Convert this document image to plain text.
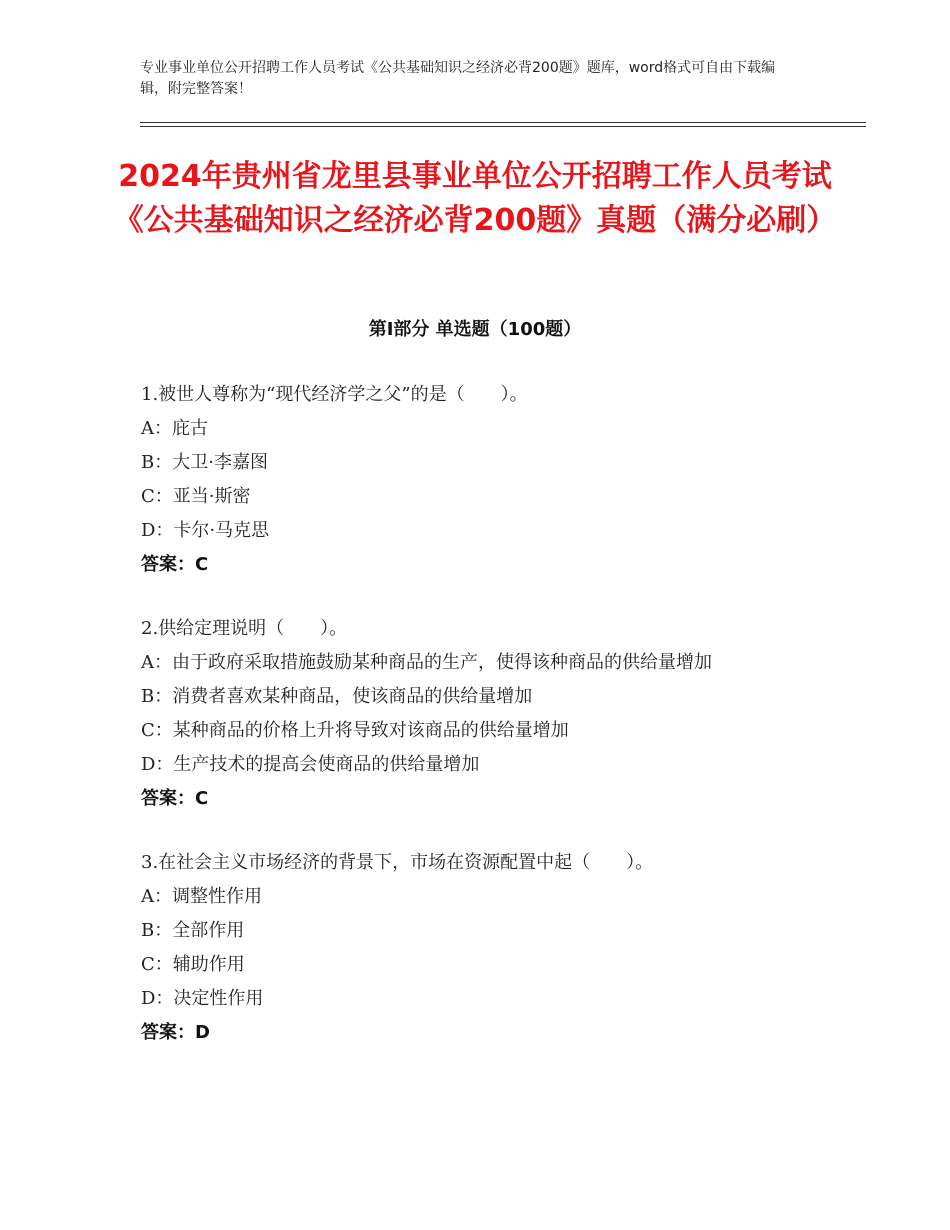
专业事业单位公开招聘工作人员考试《公共基础知识之经济必背200题》题库，word格式可自由下载编辑，附完整答案！
2024年贵州省龙里县事业单位公开招聘工作人员考试《公共基础知识之经济必背200题》真题（满分必刷）
第Ⅰ部分 单选题（100题）
1.被世人尊称为“现代经济学之父”的是（　　）。
A：庇古
B：大卫·李嘉图
C：亚当·斯密
D：卡尔·马克思
答案：C
2.供给定理说明（　　）。
A：由于政府采取措施鼓励某种商品的生产，使得该种商品的供给量增加
B：消费者喜欢某种商品，使该商品的供给量增加
C：某种商品的价格上升将导致对该商品的供给量增加
D：生产技术的提高会使商品的供给量增加
答案：C
3.在社会主义市场经济的背景下，市场在资源配置中起（　　）。
A：调整性作用
B：全部作用
C：辅助作用
D：决定性作用
答案：D
